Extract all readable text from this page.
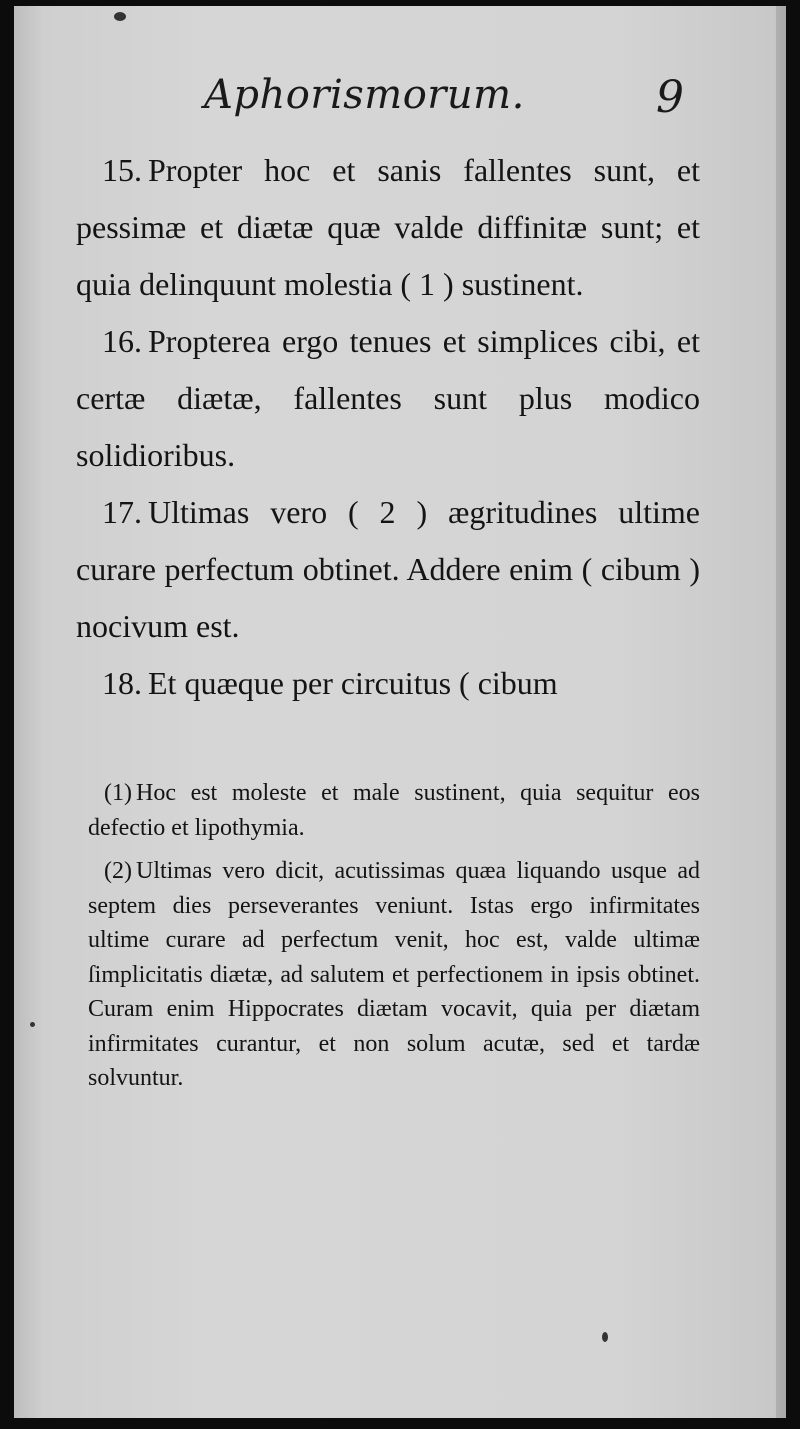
Aphorismorum.	9

15. Propter hoc et sanis fallentes sunt, et pessimæ et diætæ quæ valde diffinitæ sunt; et quia delinquunt molestia ( 1 ) sustinent.

16. Propterea ergo tenues et simplices cibi, et certæ diætæ, fallentes sunt plus modico solidioribus.

17. Ultimas vero ( 2 ) ægritudines ultime curare perfectum obtinet. Addere enim ( cibum ) nocivum est.

18. Et quæque per circuitus ( cibum

(1) Hoc est moleste et male sustinent, quia sequitur eos defectio et lipothymia.

(2) Ultimas vero dicit, acutissimas quæa liquando usque ad septem dies perseverantes veniunt. Istas ergo infirmitates ultime curare ad perfectum venit, hoc est, valde ultimæ ſimplicitatis diætæ, ad salutem et perfectionem in ipsis obtinet. Curam enim Hippocrates diætam vocavit, quia per diætam infirmitates curantur, et non solum acutæ, sed et tardæ solvuntur.
